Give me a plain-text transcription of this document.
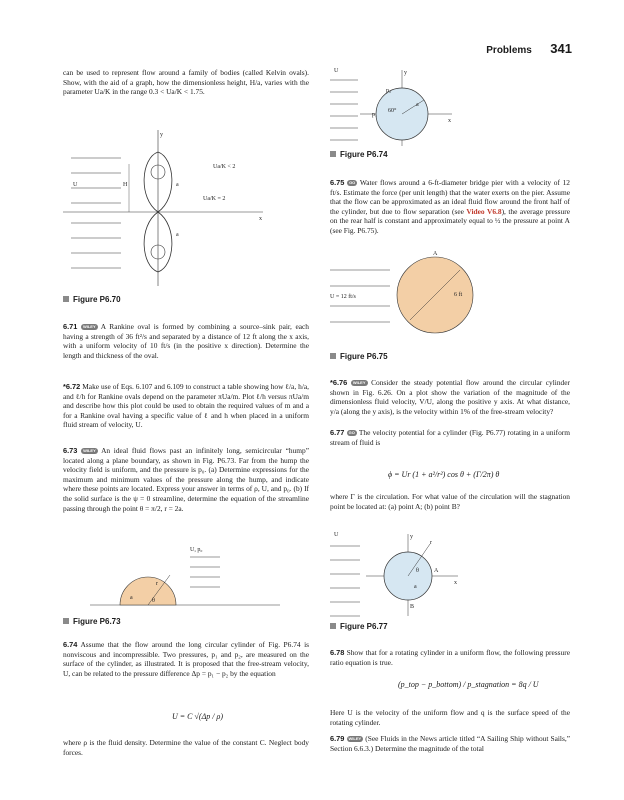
Problems 341

can be used to represent flow around a family of bodies (called Kelvin ovals). Show, with the aid of a graph, how the dimensionless height, H/a, varies with the parameter Ua/K in the range 0.3 < Ua/K < 1.75.

y
x
U	H	a
a
Ua/K < 2
Ua/K = 2
Figure P6.70

6.71 WILEY A Rankine oval is formed by combining a source–sink pair, each having a strength of 36 ft²/s and separated by a distance of 12 ft along the x axis, with a uniform velocity of 10 ft/s (in the positive x direction). Determine the length and thickness of the oval.

*6.72 Make use of Eqs. 6.107 and 6.109 to construct a table showing how ℓ/a, h/a, and ℓ/h for Rankine ovals depend on the parameter πUa/m. Plot ℓ/h versus πUa/m and describe how this plot could be used to obtain the required values of m and a for a Rankine oval having a specific value of ℓ and h when placed in a uniform fluid stream of velocity, U.

6.73 WILEY An ideal fluid flows past an infinitely long, semicircular “hump” located along a plane boundary, as shown in Fig. P6.73. Far from the hump the velocity field is uniform, and the pressure is p₀. (a) Determine expressions for the maximum and minimum values of the pressure along the hump, and indicate where these points are located. Express your answer in terms of ρ, U, and p₀. (b) If the solid surface is the ψ = 0 streamline, determine the equation of the streamline passing through the point θ = π/2, r = 2a.

U, p₀
r
a	θ
Figure P6.73

6.74 Assume that the flow around the long circular cylinder of Fig. P6.74 is nonviscous and incompressible. Two pressures, p₁ and p₂, are measured on the surface of the cylinder, as illustrated. It is proposed that the free-stream velocity, U, can be related to the pressure difference Δp = p₁ − p₂ by the equation

U = C √(Δp / ρ)

where ρ is the fluid density. Determine the value of the constant C. Neglect body forces.

U	y
x
p₂
p₁
60°
a
Figure P6.74

6.75 GO Water flows around a 6-ft-diameter bridge pier with a velocity of 12 ft/s. Estimate the force (per unit length) that the water exerts on the pier. Assume that the flow can be approximated as an ideal fluid flow around the front half of the cylinder, but due to flow separation (see Video V6.8), the average pressure on the rear half is constant and approximately equal to ½ the pressure at point A (see Fig. P6.75).

U = 12 ft/s
A
6 ft
Figure P6.75

*6.76 WILEY Consider the steady potential flow around the circular cylinder shown in Fig. 6.26. On a plot show the variation of the magnitude of the dimensionless fluid velocity, V/U, along the positive y axis. At what distance, y/a (along the y axis), is the velocity within 1% of the free-stream velocity?

6.77 GO The velocity potential for a cylinder (Fig. P6.77) rotating in a uniform stream of fluid is

ϕ = Ur (1 + a²/r²) cos θ + (Γ/2π) θ

where Γ is the circulation. For what value of the circulation will the stagnation point be located at: (a) point A; (b) point B?

U	y
x
r
θ	A
B
a
Figure P6.77

6.78 Show that for a rotating cylinder in a uniform flow, the following pressure ratio equation is true.

(p_top − p_bottom) / p_stagnation = 8q / U

Here U is the velocity of the uniform flow and q is the surface speed of the rotating cylinder.

6.79 WILEY (See Fluids in the News article titled “A Sailing Ship without Sails,” Section 6.6.3.) Determine the magnitude of the total
